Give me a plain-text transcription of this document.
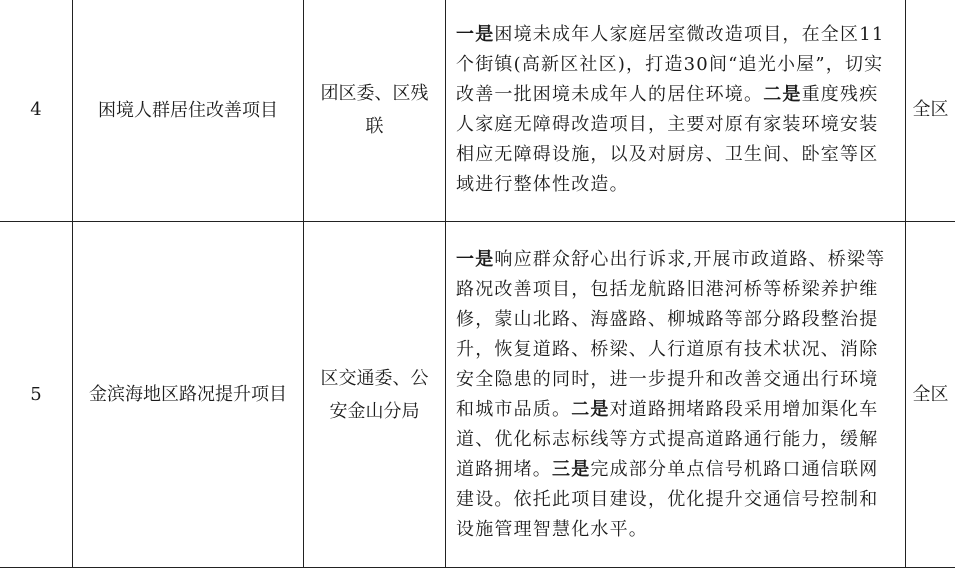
4	困境人群居住改善项目	团区委、区残联	一是困境未成年人家庭居室微改造项目，在全区11个街镇(高新区社区)，打造30间“追光小屋”，切实改善一批困境未成年人的居住环境。二是重度残疾人家庭无障碍改造项目，主要对原有家装环境安装相应无障碍设施，以及对厨房、卫生间、卧室等区域进行整体性改造。	全区
5	金滨海地区路况提升项目	区交通委、公安金山分局	一是响应群众舒心出行诉求,开展市政道路、桥梁等路况改善项目，包括龙航路旧港河桥等桥梁养护维修，蒙山北路、海盛路、柳城路等部分路段整治提升，恢复道路、桥梁、人行道原有技术状况、消除安全隐患的同时，进一步提升和改善交通出行环境和城市品质。二是对道路拥堵路段采用增加渠化车道、优化标志标线等方式提高道路通行能力，缓解道路拥堵。三是完成部分单点信号机路口通信联网建设。依托此项目建设，优化提升交通信号控制和设施管理智慧化水平。	全区
